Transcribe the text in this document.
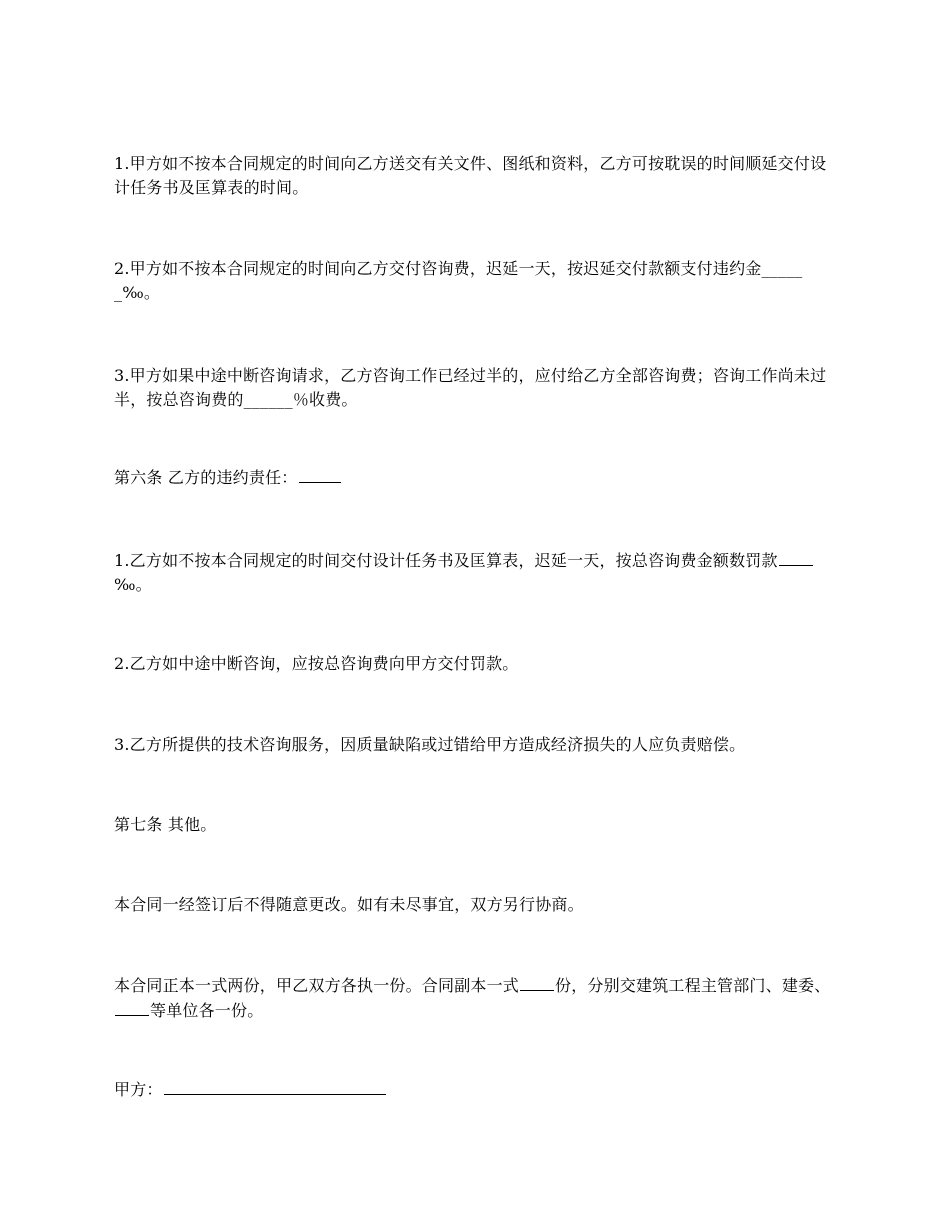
1.甲方如不按本合同规定的时间向乙方送交有关文件、图纸和资料，乙方可按耽误的时间顺延交付设计任务书及匡算表的时间。

2.甲方如不按本合同规定的时间向乙方交付咨询费，迟延一天，按迟延交付款额支付违约金______‰。

3.甲方如果中途中断咨询请求，乙方咨询工作已经过半的，应付给乙方全部咨询费；咨询工作尚未过半，按总咨询费的______％收费。

第六条 乙方的违约责任：

1.乙方如不按本合同规定的时间交付设计任务书及匡算表，迟延一天，按总咨询费金额数罚款‰。

2.乙方如中途中断咨询，应按总咨询费向甲方交付罚款。

3.乙方所提供的技术咨询服务，因质量缺陷或过错给甲方造成经济损失的人应负责赔偿。

第七条 其他。

本合同一经签订后不得随意更改。如有未尽事宜，双方另行协商。

本合同正本一式两份，甲乙双方各执一份。合同副本一式 份，分别交建筑工程主管部门、建委、等单位各一份。

甲方：
